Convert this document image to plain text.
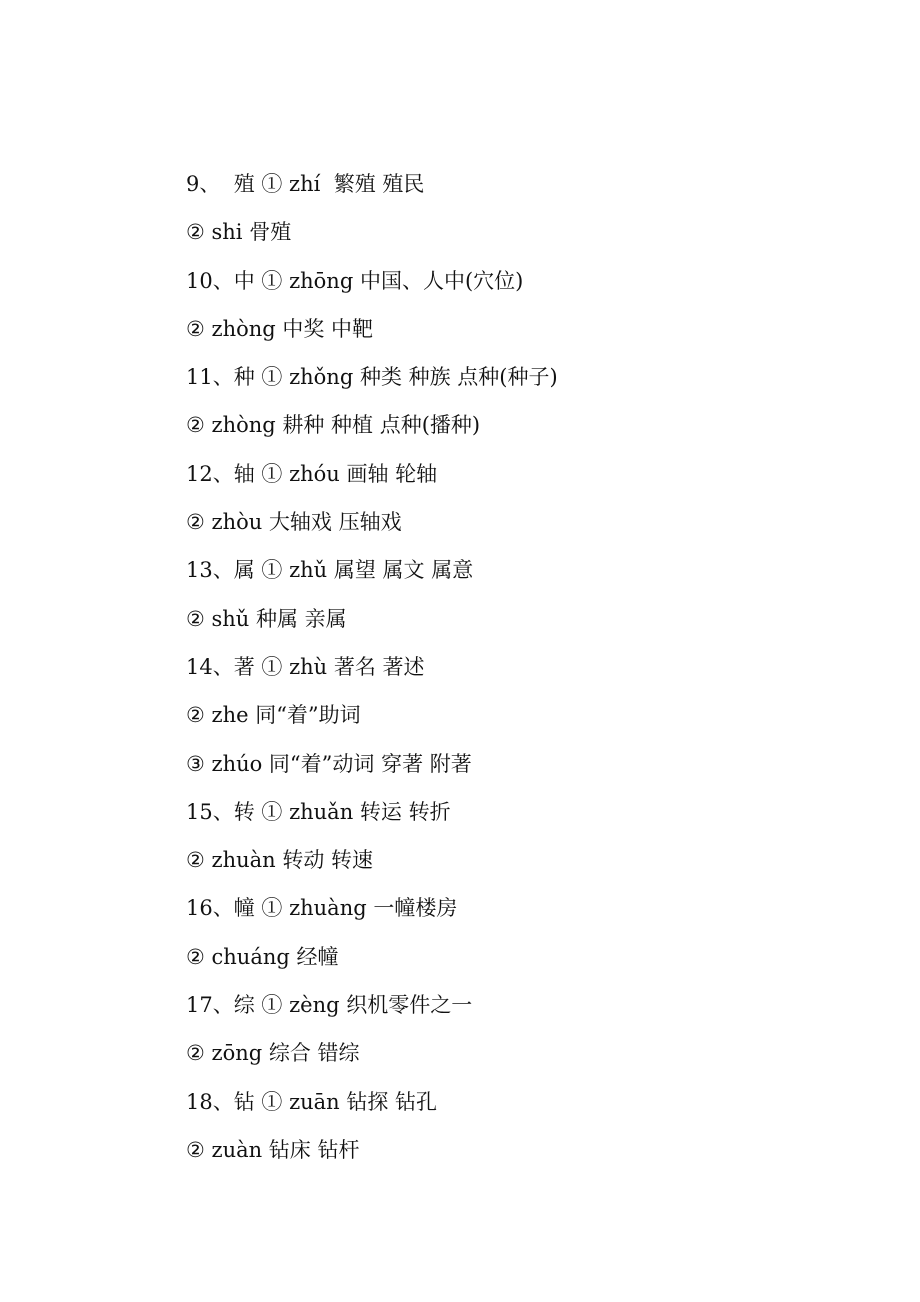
9、  殖 ① zhí  繁殖 殖民
② shi 骨殖
10、中 ① zhōng 中国、人中(穴位)
② zhòng 中奖 中靶
11、种 ① zhǒng 种类 种族 点种(种子)
② zhòng 耕种 种植 点种(播种)
12、轴 ① zhóu 画轴 轮轴
② zhòu 大轴戏 压轴戏
13、属 ① zhǔ 属望 属文 属意
② shǔ 种属 亲属
14、著 ① zhù 著名 著述
② zhe 同“着”助词
③ zhúo 同“着”动词 穿著 附著
15、转 ① zhuǎn 转运 转折
② zhuàn 转动 转速
16、幢 ① zhuàng 一幢楼房
② chuáng 经幢
17、综 ① zèng 织机零件之一
② zōng 综合 错综
18、钻 ① zuān 钻探 钻孔
② zuàn 钻床 钻杆
